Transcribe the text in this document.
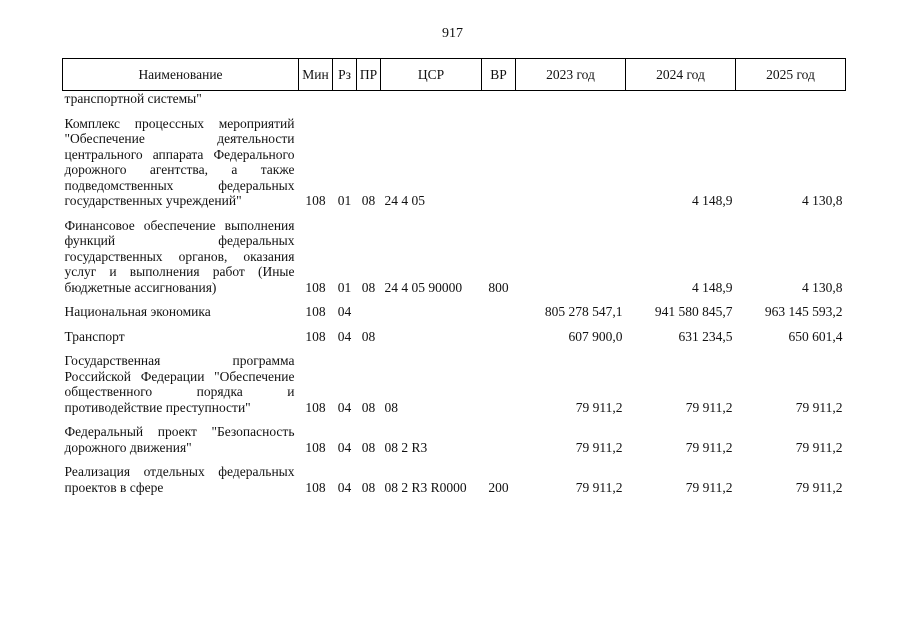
917
Наименование	Мин	Рз	ПР	ЦСР	ВР	2023 год	2024 год	2025 год
транспортной системы"								
Комплекс процессных мероприятий "Обеспечение деятельности центрального аппарата Федерального дорожного агентства, а также подведомственных федеральных государственных учреждений"	108	01	08	24 4 05			4 148,9	4 130,8
Финансовое обеспечение выполнения функций федеральных государственных органов, оказания услуг и выполнения работ (Иные бюджетные ассигнования)	108	01	08	24 4 05 90000	800		4 148,9	4 130,8
Национальная экономика	108	04				805 278 547,1	941 580 845,7	963 145 593,2
Транспорт	108	04	08			607 900,0	631 234,5	650 601,4
Государственная программа Российской Федерации "Обеспечение общественного порядка и противодействие преступности"	108	04	08	08		79 911,2	79 911,2	79 911,2
Федеральный проект "Безопасность дорожного движения"	108	04	08	08 2 R3		79 911,2	79 911,2	79 911,2
Реализация отдельных федеральных проектов в сфере	108	04	08	08 2 R3 R0000	200	79 911,2	79 911,2	79 911,2
